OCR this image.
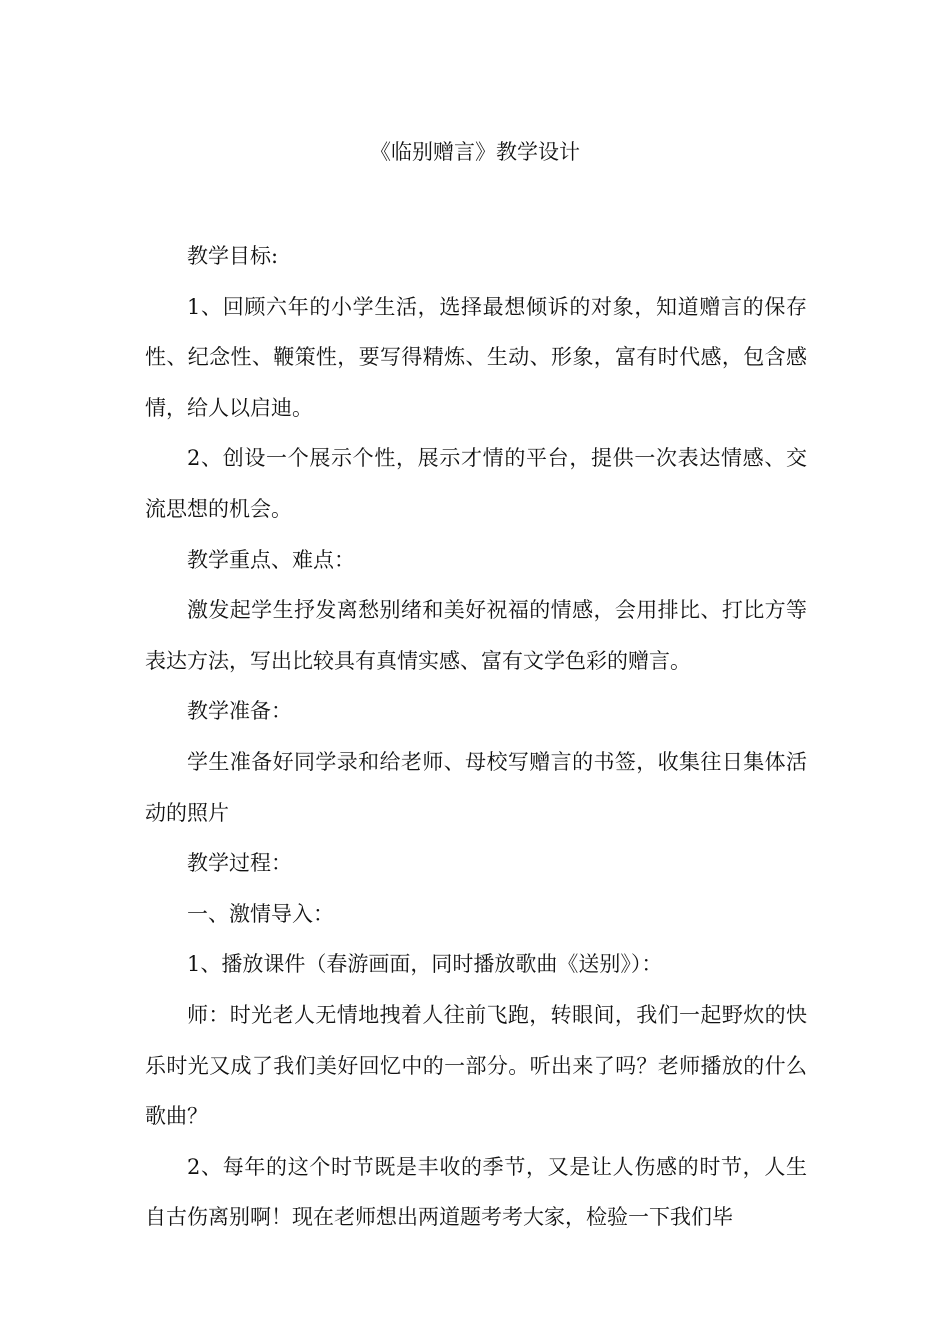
《临别赠言》教学设计

教学目标:

1、回顾六年的小学生活，选择最想倾诉的对象，知道赠言的保存性、纪念性、鞭策性，要写得精炼、生动、形象，富有时代感，包含感情，给人以启迪。

2、创设一个展示个性，展示才情的平台，提供一次表达情感、交流思想的机会。

教学重点、难点：

激发起学生抒发离愁别绪和美好祝福的情感，会用排比、打比方等表达方法，写出比较具有真情实感、富有文学色彩的赠言。

教学准备：

学生准备好同学录和给老师、母校写赠言的书签，收集往日集体活动的照片

教学过程：

一、激情导入：

1、播放课件（春游画面，同时播放歌曲《送别》）：

师：时光老人无情地拽着人往前飞跑，转眼间，我们一起野炊的快乐时光又成了我们美好回忆中的一部分。听出来了吗？老师播放的什么歌曲？

2、每年的这个时节既是丰收的季节，又是让人伤感的时节，人生自古伤离别啊！现在老师想出两道题考考大家，检验一下我们毕
